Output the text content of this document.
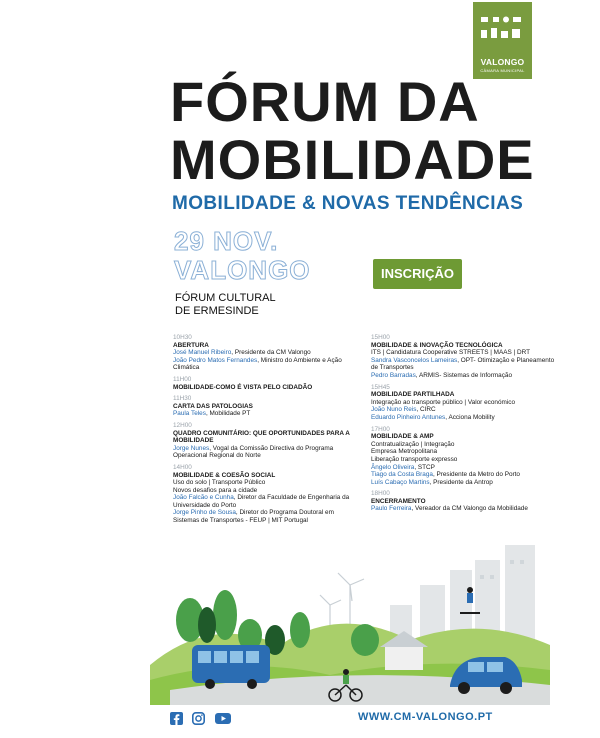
VALONGO
CÂMARA MUNICIPAL
FÓRUM DA
MOBILIDADE
MOBILIDADE & NOVAS TENDÊNCIAS
29 NOV.
VALONGO	INSCRIÇÃO
FÓRUM CULTURAL
DE ERMESINDE
10H30
ABERTURA
José Manuel Ribeiro, Presidente da CM Valongo
João Pedro Matos Fernandes, Ministro do Ambiente e Ação Climática
11H00
MOBILIDADE-COMO É VISTA PELO CIDADÃO
11H30
CARTA DAS PATOLOGIAS
Paula Teles, Mobilidade PT
12H00
QUADRO COMUNITÁRIO: QUE OPORTUNIDADES PARA A MOBILIDADE
Jorge Nunes, Vogal da Comissão Directiva do Programa Operacional Regional do Norte
14H00
MOBILIDADE & COESÃO SOCIAL
Uso do solo | Transporte Público
Novos desafios para a cidade
João Falcão e Cunha, Diretor da Faculdade de Engenharia da Universidade do Porto
Jorge Pinho de Sousa, Diretor do Programa Doutoral em Sistemas de Transportes - FEUP | MIT Portugal
15H00
MOBILIDADE & INOVAÇÃO TECNOLÓGICA
ITS | Candidatura Cooperative STREETS | MAAS | DRT
Sandra Vasconcelos Lameiras, OPT- Otimização e Planeamento de Transportes
Pedro Barradas, ARMIS- Sistemas de Informação
15H45
MOBILIDADE PARTILHADA
Integração ao transporte público | Valor económico
João Nuno Reis, CIRC
Eduardo Pinheiro Antunes, Acciona Mobility
17H00
MOBILIDADE & AMP
Contratualização | Integração
Empresa Metropolitana
Liberação transporte expresso
Ângelo Oliveira, STCP
Tiago da Costa Braga, Presidente da Metro do Porto
Luís Cabaço Martins, Presidente da Antrop
18H00
ENCERRAMENTO
Paulo Ferreira, Vereador da CM Valongo da Mobilidade

WWW.CM-VALONGO.PT
